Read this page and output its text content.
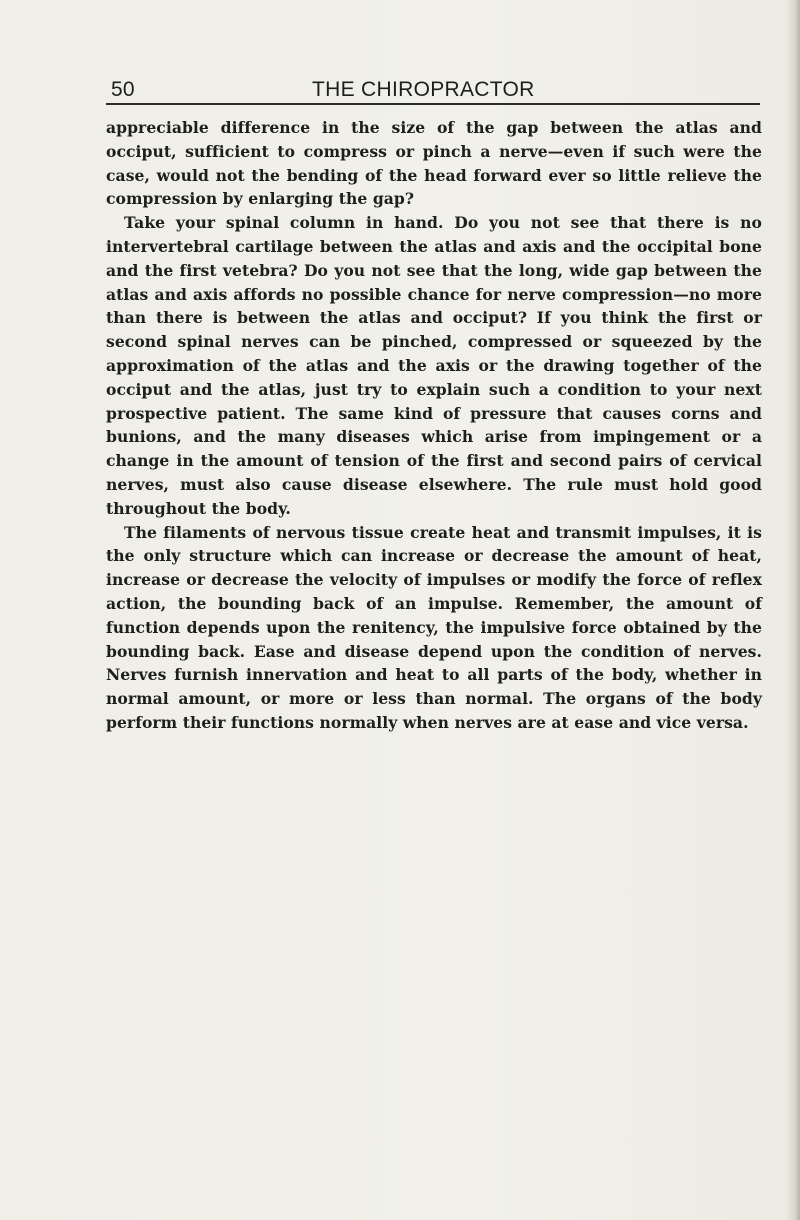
50	THE CHIROPRACTOR

appreciable difference in the size of the gap between the atlas and occiput, sufficient to compress or pinch a nerve—even if such were the case, would not the bending of the head forward ever so little relieve the compression by enlarging the gap?

Take your spinal column in hand. Do you not see that there is no intervertebral cartilage between the atlas and axis and the occipital bone and the first vetebra? Do you not see that the long, wide gap between the atlas and axis affords no possible chance for nerve compression—no more than there is between the atlas and occiput? If you think the first or second spinal nerves can be pinched, compressed or squeezed by the approximation of the atlas and the axis or the drawing together of the occiput and the atlas, just try to explain such a condition to your next prospective patient. The same kind of pressure that causes corns and bunions, and the many diseases which arise from impingement or a change in the amount of tension of the first and second pairs of cervical nerves, must also cause disease elsewhere. The rule must hold good throughout the body.

The filaments of nervous tissue create heat and transmit impulses, it is the only structure which can increase or decrease the amount of heat, increase or decrease the velocity of impulses or modify the force of reflex action, the bounding back of an impulse. Remember, the amount of function depends upon the renitency, the impulsive force obtained by the bounding back. Ease and disease depend upon the condition of nerves. Nerves furnish innervation and heat to all parts of the body, whether in normal amount, or more or less than normal. The organs of the body perform their functions normally when nerves are at ease and vice versa.
